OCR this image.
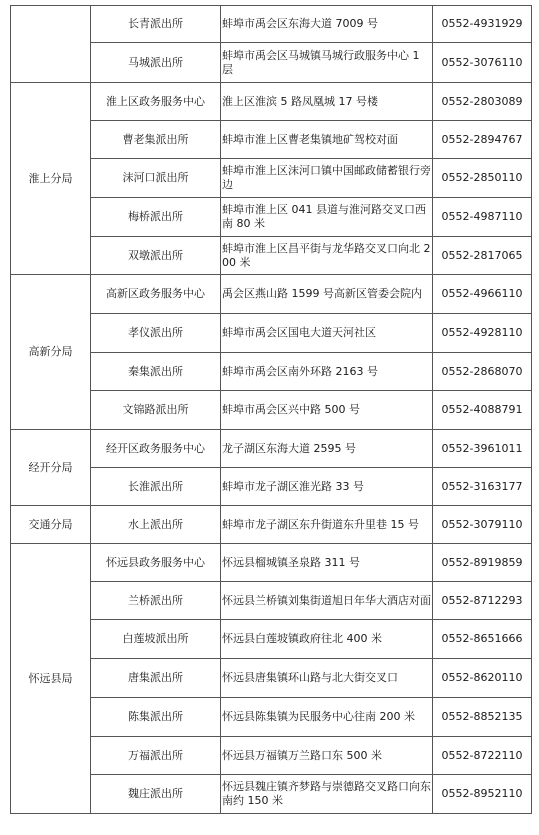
	长青派出所	蚌埠市禹会区东海大道 7009 号	0552-4931929
	马城派出所	蚌埠市禹会区马城镇马城行政服务中心 1 层	0552-3076110
淮上分局	淮上区政务服务中心	淮上区淮滨 5 路凤凰城 17 号楼	0552-2803089
	曹老集派出所	蚌埠市淮上区曹老集镇地矿驾校对面	0552-2894767
	沫河口派出所	蚌埠市淮上区沫河口镇中国邮政储蓄银行旁边	0552-2850110
	梅桥派出所	蚌埠市淮上区 041 县道与淮河路交叉口西南 80 米	0552-4987110
	双墩派出所	蚌埠市淮上区昌平街与龙华路交叉口向北 200 米	0552-2817065
高新分局	高新区政务服务中心	禹会区燕山路 1599 号高新区管委会院内	0552-4966110
	孝仪派出所	蚌埠市禹会区国电大道天河社区	0552-4928110
	秦集派出所	蚌埠市禹会区南外环路 2163 号	0552-2868070
	文锦路派出所	蚌埠市禹会区兴中路 500 号	0552-4088791
经开分局	经开区政务服务中心	龙子湖区东海大道 2595 号	0552-3961011
	长淮派出所	蚌埠市龙子湖区淮光路 33 号	0552-3163177
交通分局	水上派出所	蚌埠市龙子湖区东升街道东升里巷 15 号	0552-3079110
怀远县局	怀远县政务服务中心	怀远县榴城镇圣泉路 311 号	0552-8919859
	兰桥派出所	怀远县兰桥镇刘集街道旭日年华大酒店对面	0552-8712293
	白莲坡派出所	怀远县白莲坡镇政府往北 400 米	0552-8651666
	唐集派出所	怀远县唐集镇环山路与北大街交叉口	0552-8620110
	陈集派出所	怀远县陈集镇为民服务中心往南 200 米	0552-8852135
	万福派出所	怀远县万福镇万兰路口东 500 米	0552-8722110
	魏庄派出所	怀远县魏庄镇齐梦路与崇德路交叉路口向东南约 150 米	0552-8952110
